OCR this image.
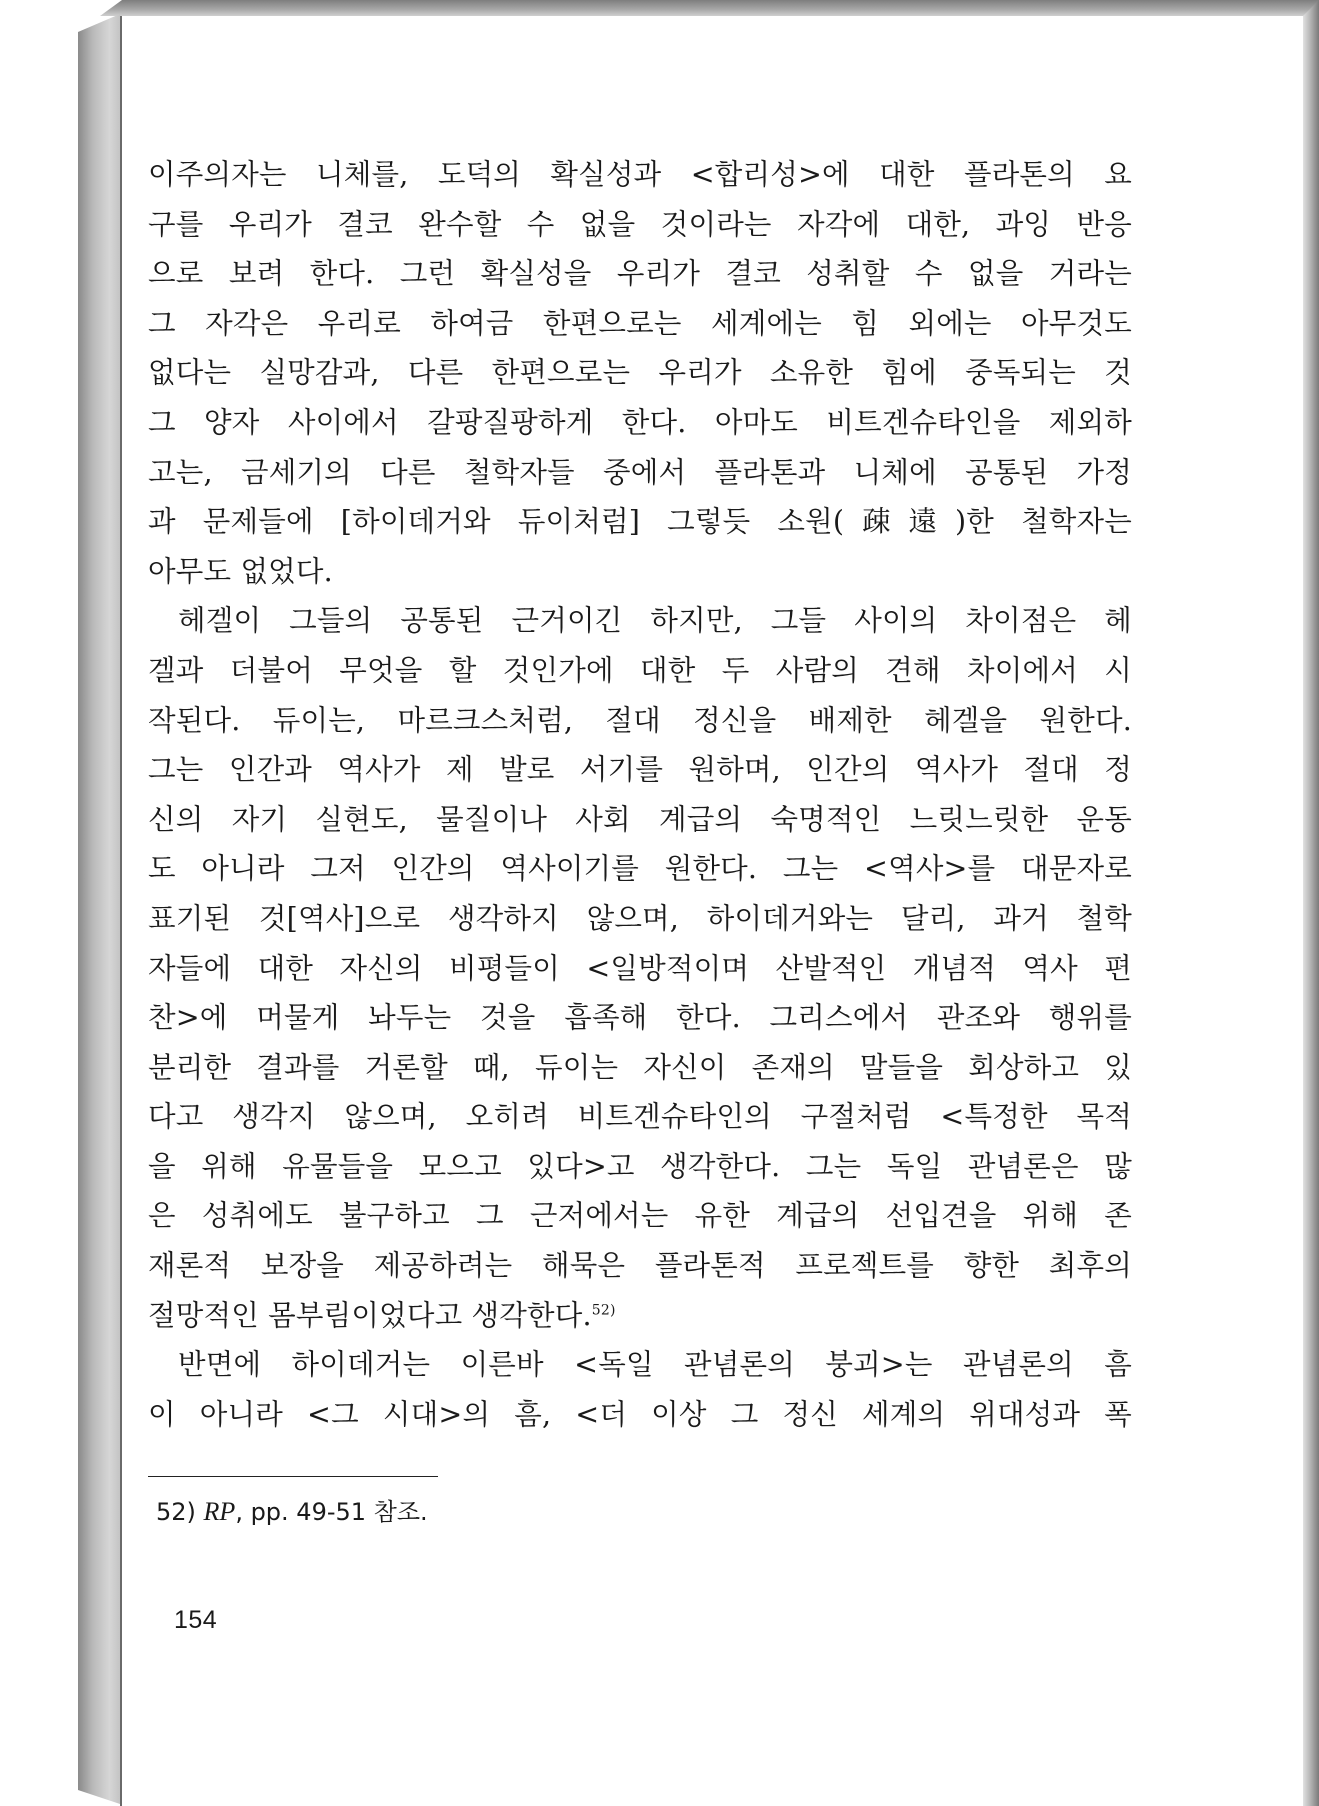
이주의자는 니체를, 도덕의 확실성과 <합리성>에 대한 플라톤의 요
구를 우리가 결코 완수할 수 없을 것이라는 자각에 대한, 과잉 반응
으로 보려 한다. 그런 확실성을 우리가 결코 성취할 수 없을 거라는
그 자각은 우리로 하여금 한편으로는 세계에는 힘 외에는 아무것도
없다는 실망감과, 다른 한편으로는 우리가 소유한 힘에 중독되는 것
그 양자 사이에서 갈팡질팡하게 한다. 아마도 비트겐슈타인을 제외하
고는, 금세기의 다른 철학자들 중에서 플라톤과 니체에 공통된 가정
과 문제들에 [하이데거와 듀이처럼] 그렇듯 소원(疎遠)한 철학자는
아무도 없었다.
헤겔이 그들의 공통된 근거이긴 하지만, 그들 사이의 차이점은 헤
겔과 더불어 무엇을 할 것인가에 대한 두 사람의 견해 차이에서 시
작된다. 듀이는, 마르크스처럼, 절대 정신을 배제한 헤겔을 원한다.
그는 인간과 역사가 제 발로 서기를 원하며, 인간의 역사가 절대 정
신의 자기 실현도, 물질이나 사회 계급의 숙명적인 느릿느릿한 운동
도 아니라 그저 인간의 역사이기를 원한다. 그는 <역사>를 대문자로
표기된 것[역사]으로 생각하지 않으며, 하이데거와는 달리, 과거 철학
자들에 대한 자신의 비평들이 <일방적이며 산발적인 개념적 역사 편
찬>에 머물게 놔두는 것을 흡족해 한다. 그리스에서 관조와 행위를
분리한 결과를 거론할 때, 듀이는 자신이 존재의 말들을 회상하고 있
다고 생각지 않으며, 오히려 비트겐슈타인의 구절처럼 <특정한 목적
을 위해 유물들을 모으고 있다>고 생각한다. 그는 독일 관념론은 많
은 성취에도 불구하고 그 근저에서는 유한 계급의 선입견을 위해 존
재론적 보장을 제공하려는 해묵은 플라톤적 프로젝트를 향한 최후의
절망적인 몸부림이었다고 생각한다.$^{52)}$
반면에 하이데거는 이른바 <독일 관념론의 붕괴>는 관념론의 흠
이 아니라 <그 시대>의 흠, <더 이상 그 정신 세계의 위대성과 폭
52) RP, pp. 49-51 참조.
154
